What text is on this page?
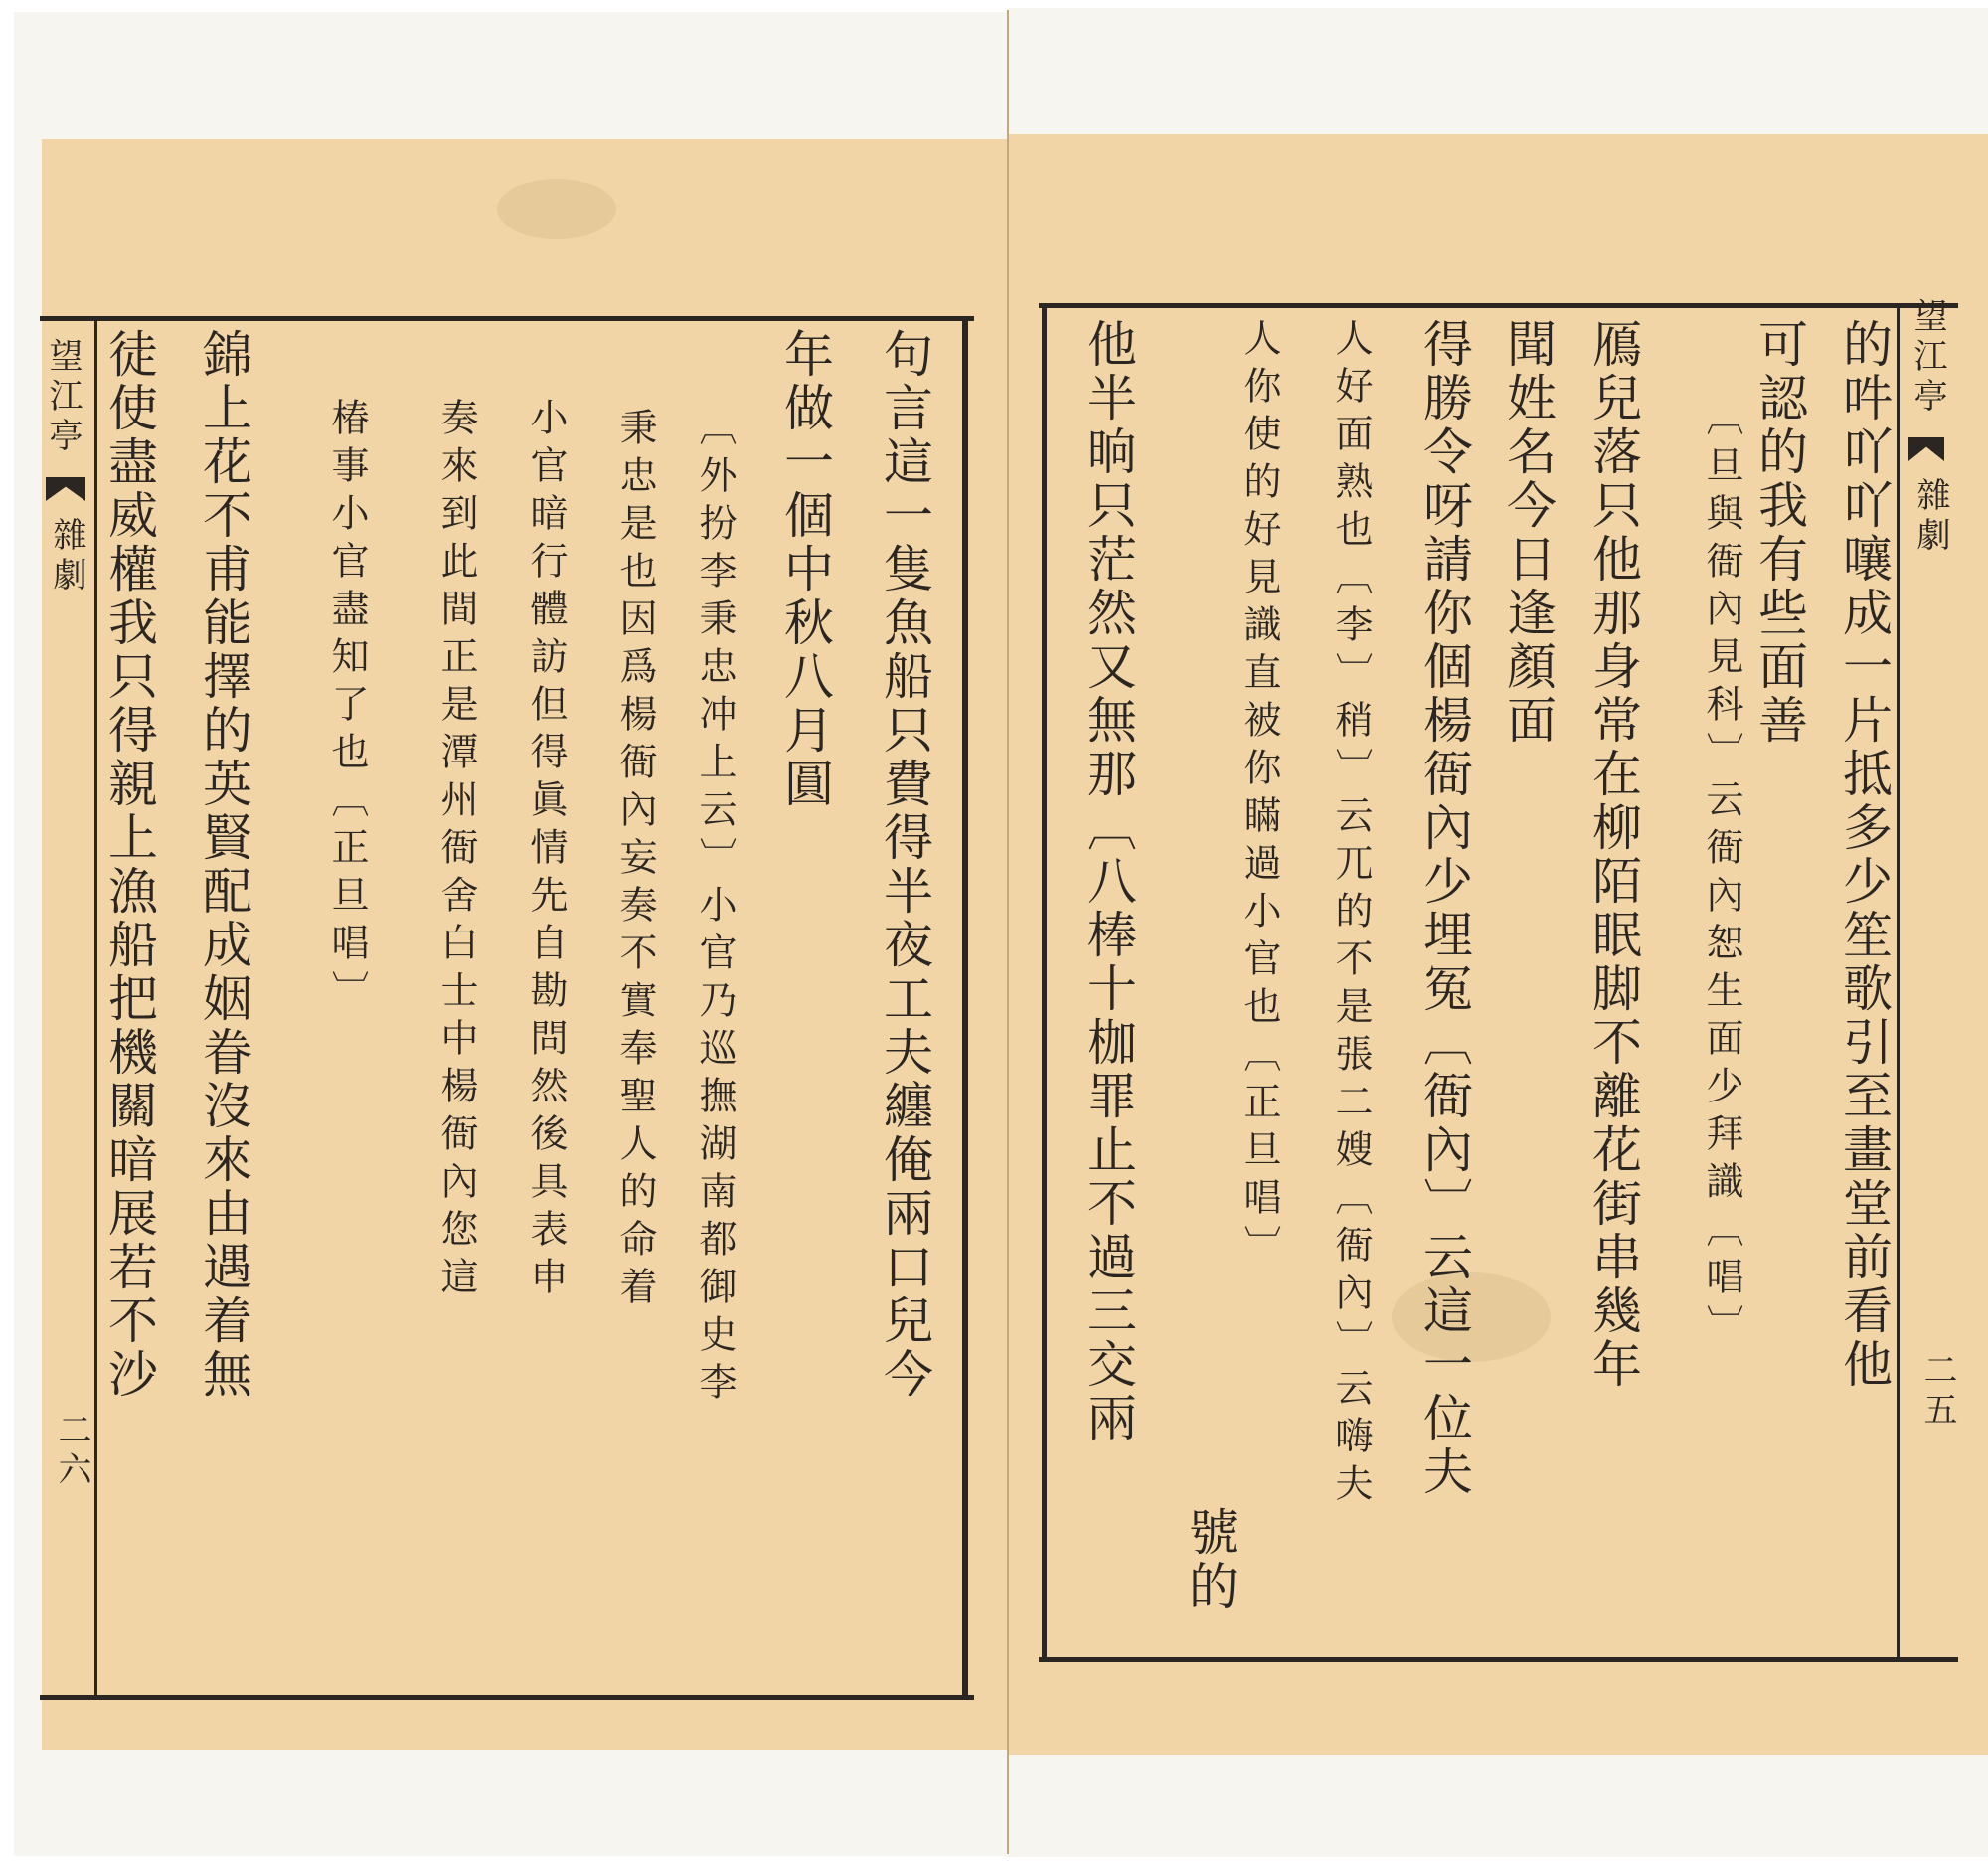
望江亭
雜劇
二五
的吽吖吖嚷成一片抵多少笙歌引至畫堂前看他
可認的我有些面善
〔旦與衙內見科〕云衙內恕生面少拜識〔唱〕
鴈兒落只他那身常在柳陌眠脚不離花街串幾年
聞姓名今日逢顏面
得勝令呀請你個楊衙內少埋冤〔衙內〕云這一位夫
人好面熟也〔李〕稍〕云兀的不是張二嫂〔衙內〕云嗨夫
人你使的好見識直被你瞞過小官也〔正旦唱〕
號的
他半晌只茫然又無那〔八棒十枷罪止不過三交兩
望江亭
雜劇
二六
句言這一隻魚船只費得半夜工夫纏俺兩口兒今
年做一個中秋八月圓
〔外扮李秉忠冲上云〕小官乃巡撫湖南都御史李
秉忠是也因爲楊衙內妄奏不實奉聖人的命着
小官暗行體訪但得眞情先自勘問然後具表申
奏來到此間正是潭州衙舍白士中楊衙內您這
椿事小官盡知了也〔正旦唱〕
錦上花不甫能擇的英賢配成姻眷沒來由遇着無
徒使盡威權我只得親上漁船把機關暗展若不沙
